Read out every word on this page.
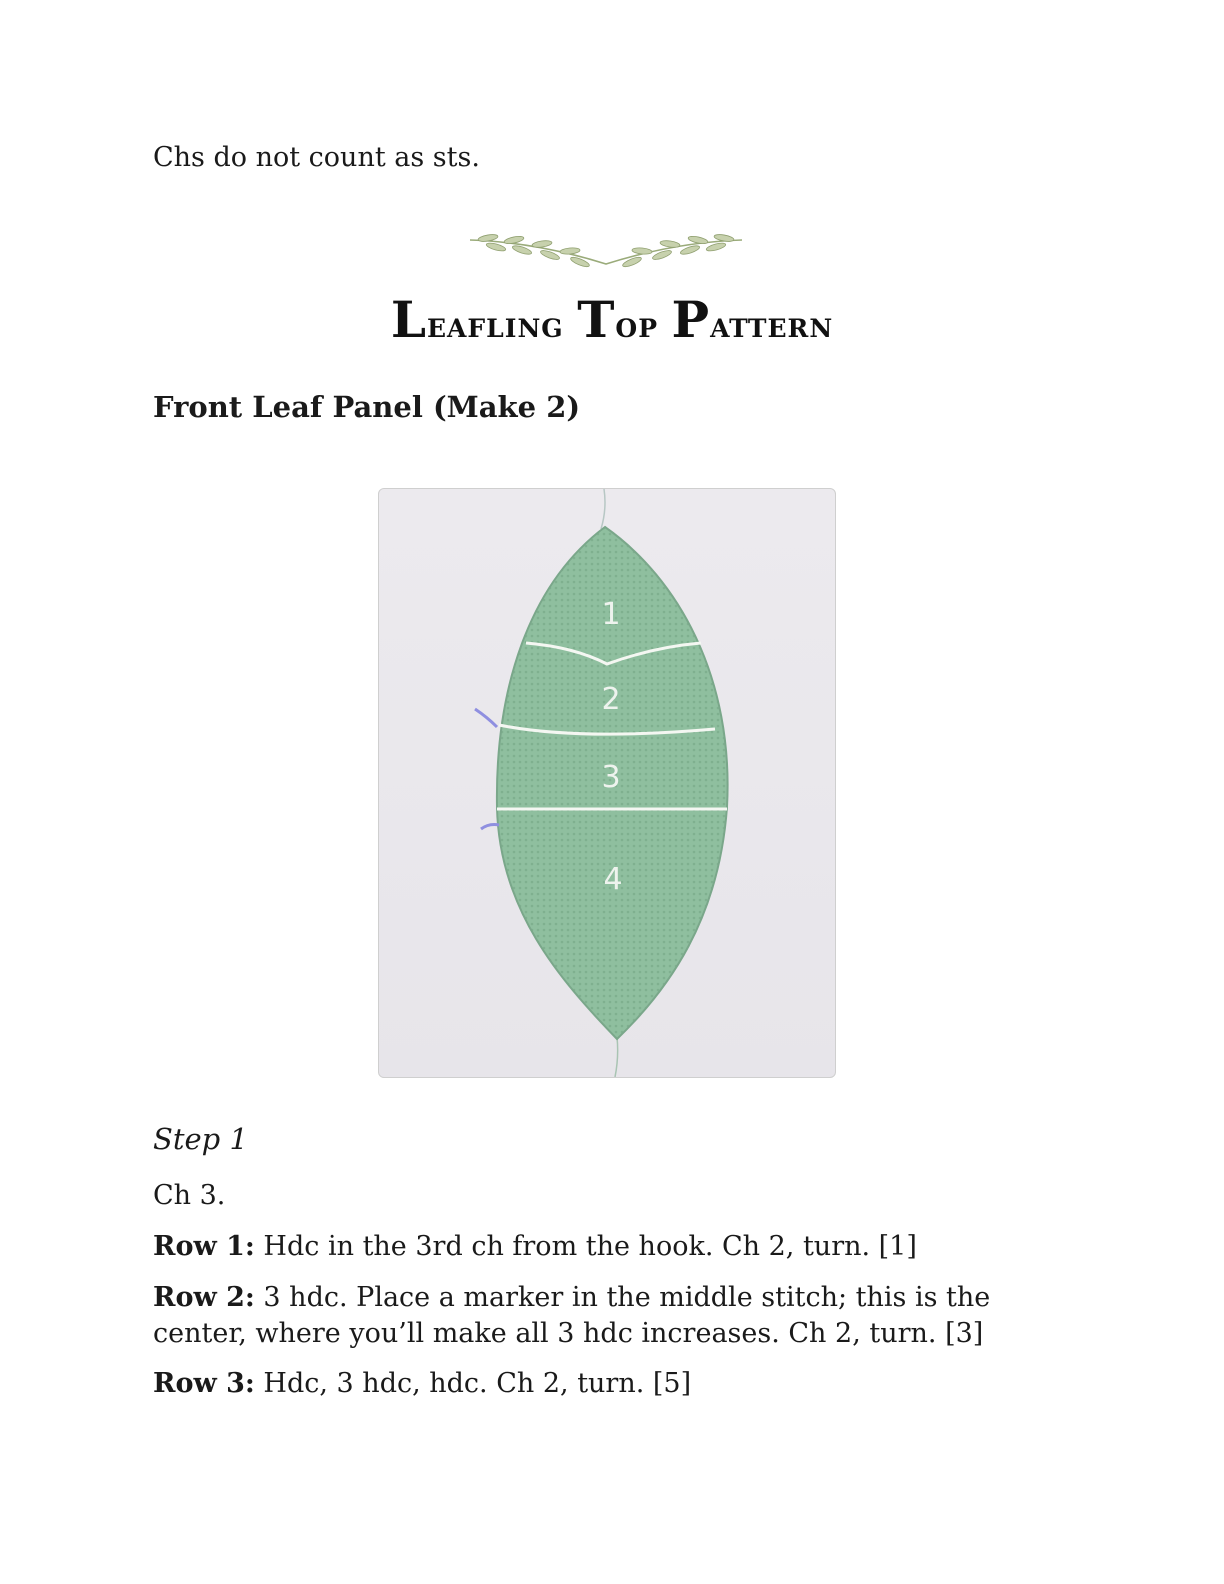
Chs do not count as sts.
Leafling Top Pattern
Front Leaf Panel (Make 2)
1
2
3
4
Step 1
Ch 3.
Row 1: Hdc in the 3rd ch from the hook. Ch 2, turn. [1]
Row 2: 3 hdc. Place a marker in the middle stitch; this is the center, where you’ll make all 3 hdc increases. Ch 2, turn. [3]
Row 3: Hdc, 3 hdc, hdc. Ch 2, turn. [5]
